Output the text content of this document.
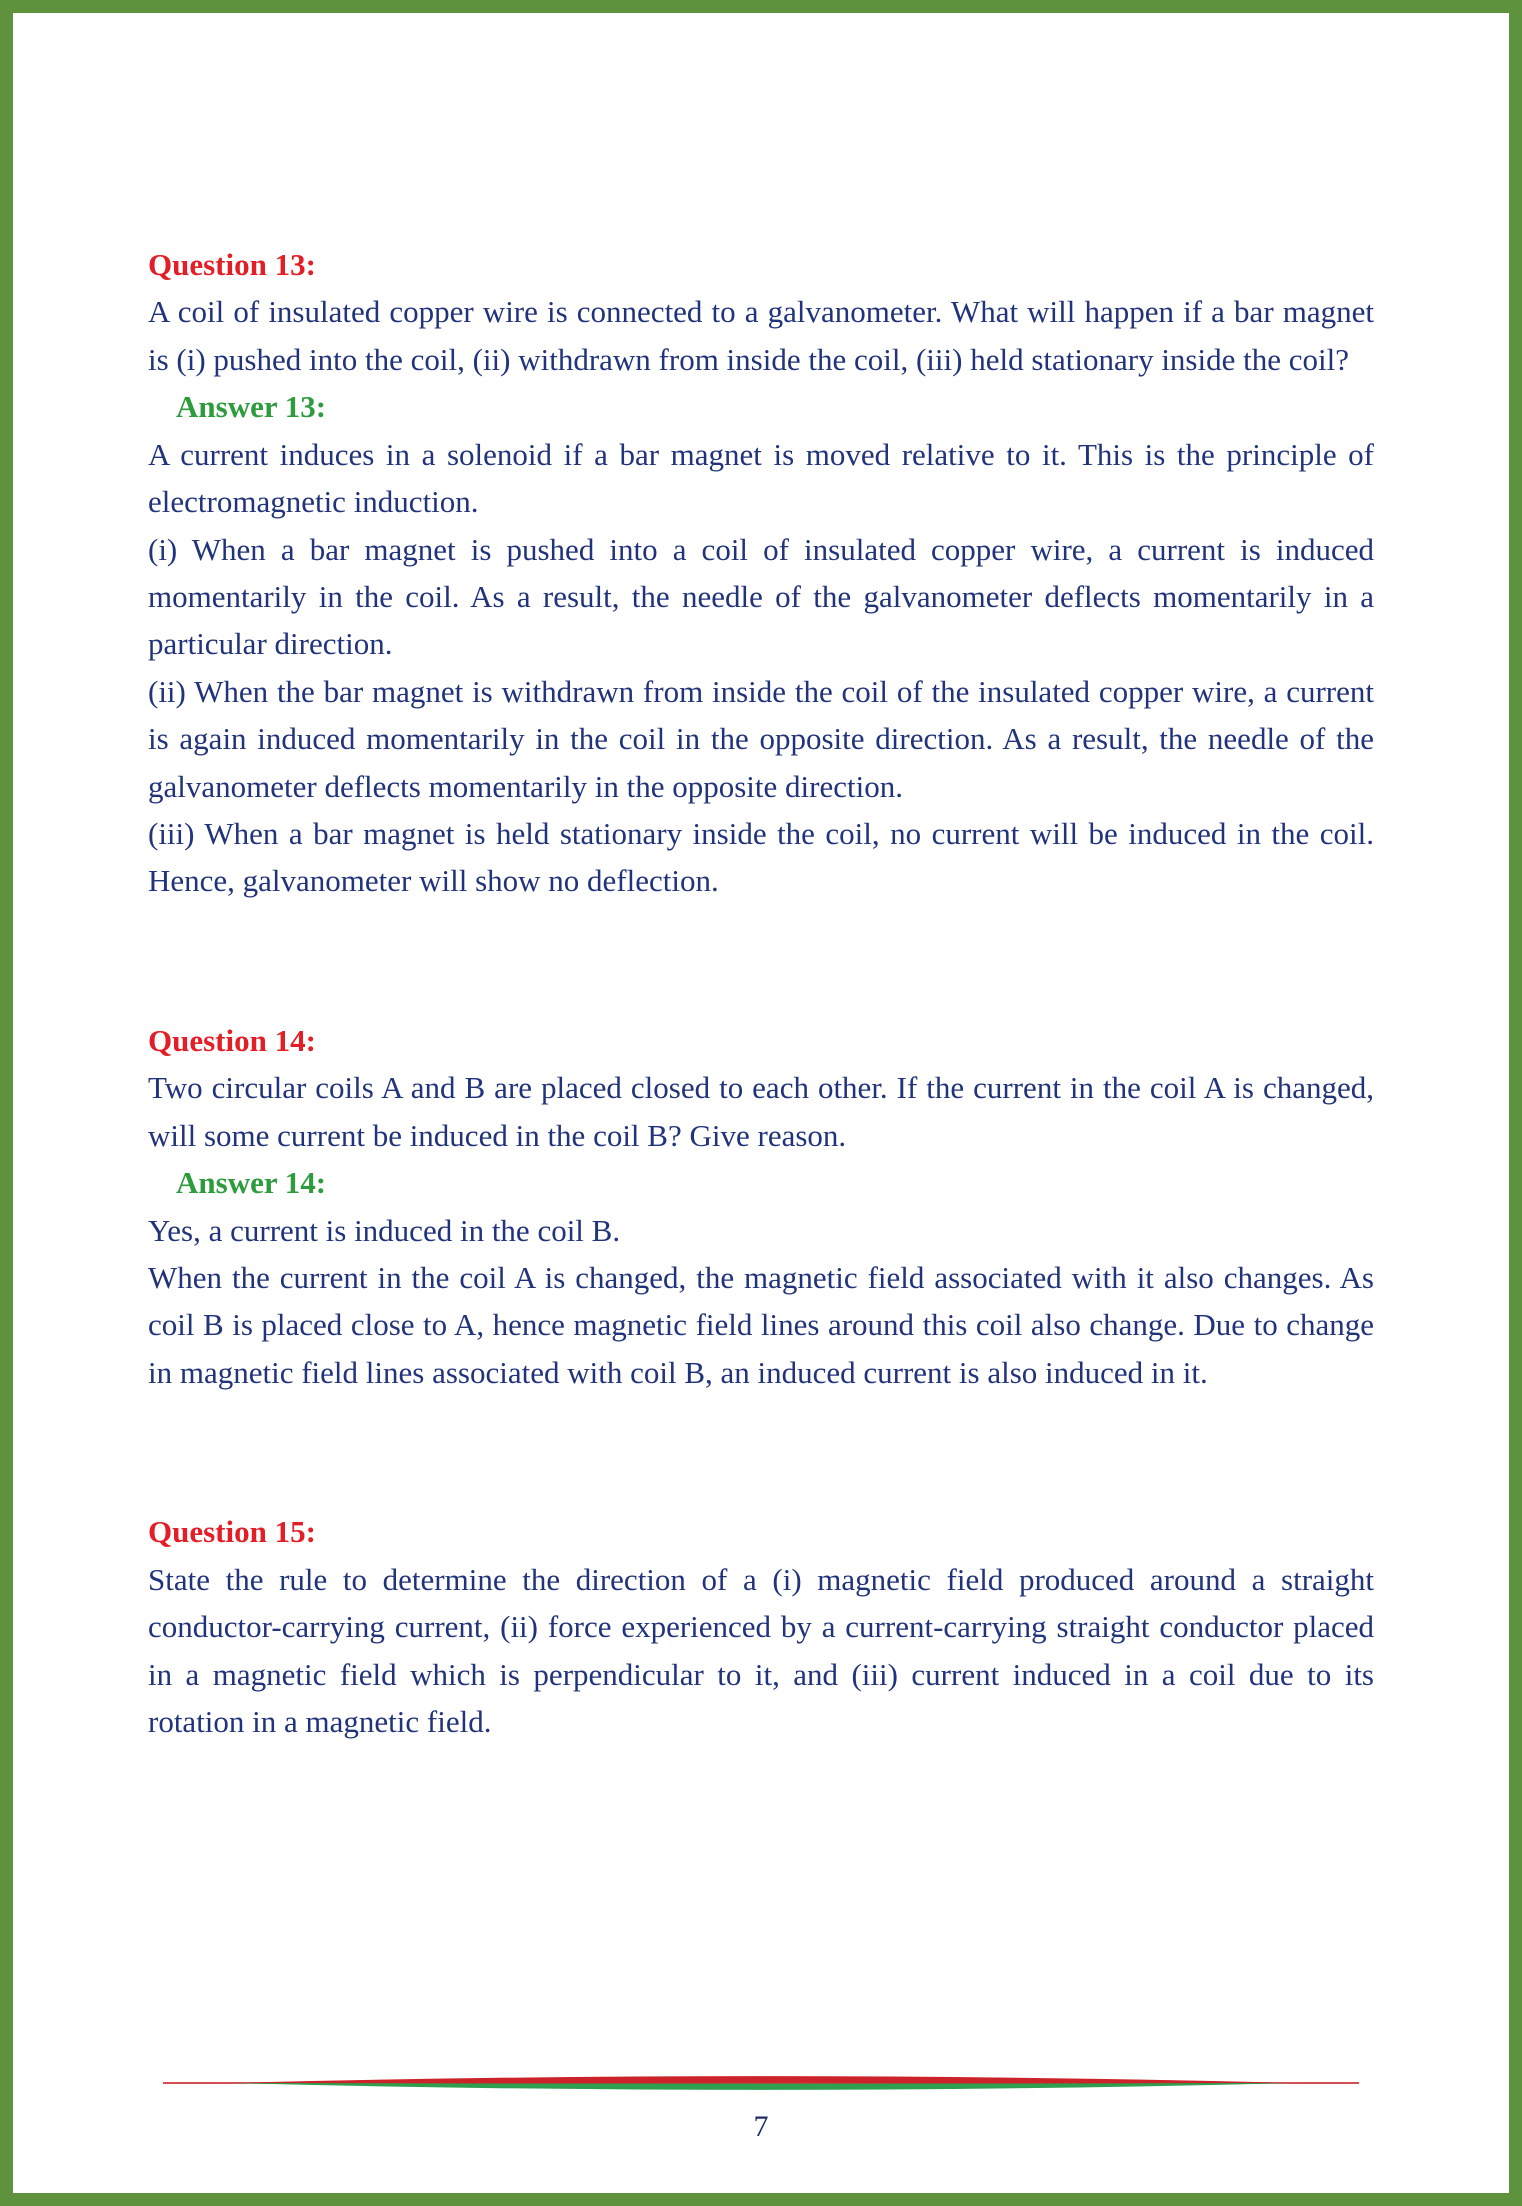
Question 13:

A coil of insulated copper wire is connected to a galvanometer. What will happen if a bar magnet is (i) pushed into the coil, (ii) withdrawn from inside the coil, (iii) held stationary inside the coil?

Answer 13:

A current induces in a solenoid if a bar magnet is moved relative to it. This is the principle of electromagnetic induction.

(i) When a bar magnet is pushed into a coil of insulated copper wire, a current is induced momentarily in the coil. As a result, the needle of the galvanometer deflects momentarily in a particular direction.

(ii) When the bar magnet is withdrawn from inside the coil of the insulated copper wire, a current is again induced momentarily in the coil in the opposite direction. As a result, the needle of the galvanometer deflects momentarily in the opposite direction.

(iii) When a bar magnet is held stationary inside the coil, no current will be induced in the coil. Hence, galvanometer will show no deflection.

Question 14:

Two circular coils A and B are placed closed to each other. If the current in the coil A is changed, will some current be induced in the coil B? Give reason.

Answer 14:

Yes, a current is induced in the coil B.

When the current in the coil A is changed, the magnetic field associated with it also changes. As coil B is placed close to A, hence magnetic field lines around this coil also change. Due to change in magnetic field lines associated with coil B, an induced current is also induced in it.

Question 15:

State the rule to determine the direction of a (i) magnetic field produced around a straight conductor-carrying current, (ii) force experienced by a current-carrying straight conductor placed in a magnetic field which is perpendicular to it, and (iii) current induced in a coil due to its rotation in a magnetic field.

7
